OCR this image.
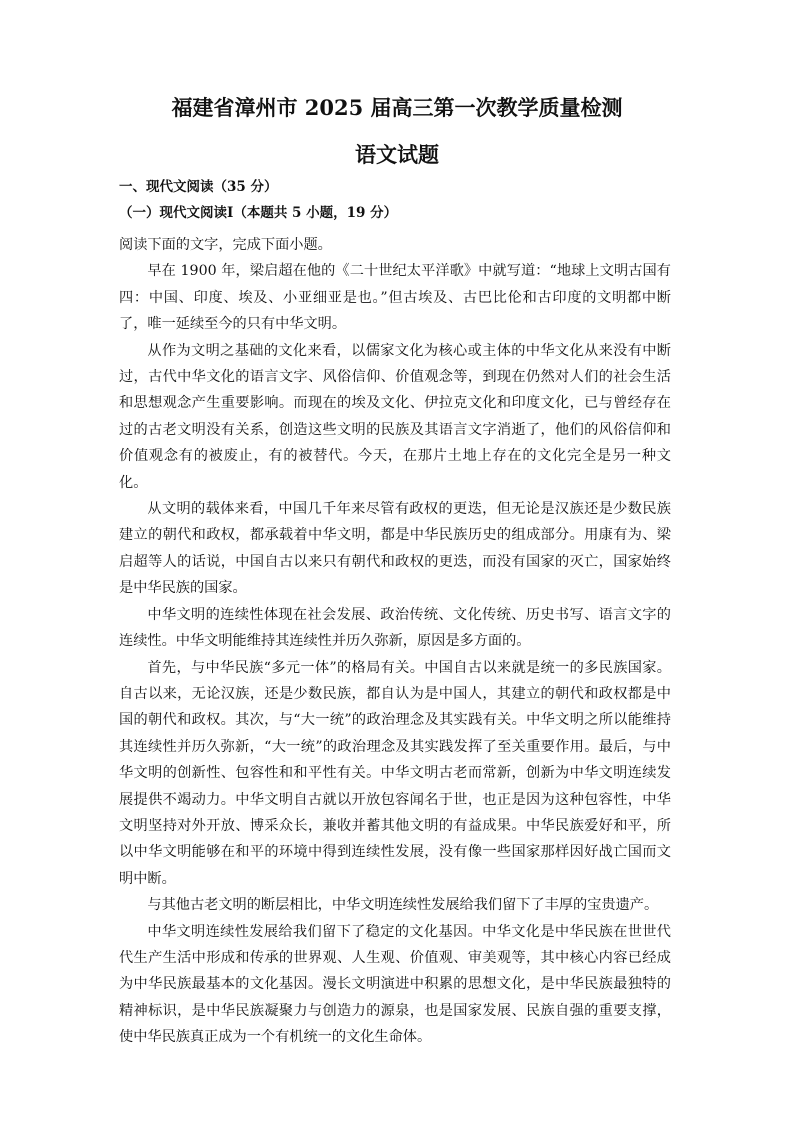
福建省漳州市 2025 届高三第一次教学质量检测
语文试题
一、现代文阅读（35 分）
（一）现代文阅读Ⅰ（本题共 5 小题，19 分）

阅读下面的文字，完成下面小题。

早在 1900 年，梁启超在他的《二十世纪太平洋歌》中就写道：“地球上文明古国有四：中国、印度、埃及、小亚细亚是也。”但古埃及、古巴比伦和古印度的文明都中断了，唯一延续至今的只有中华文明。

从作为文明之基础的文化来看，以儒家文化为核心或主体的中华文化从来没有中断过，古代中华文化的语言文字、风俗信仰、价值观念等，到现在仍然对人们的社会生活和思想观念产生重要影响。而现在的埃及文化、伊拉克文化和印度文化，已与曾经存在过的古老文明没有关系，创造这些文明的民族及其语言文字消逝了，他们的风俗信仰和价值观念有的被废止，有的被替代。今天，在那片土地上存在的文化完全是另一种文化。

从文明的载体来看，中国几千年来尽管有政权的更迭，但无论是汉族还是少数民族建立的朝代和政权，都承载着中华文明，都是中华民族历史的组成部分。用康有为、梁启超等人的话说，中国自古以来只有朝代和政权的更迭，而没有国家的灭亡，国家始终是中华民族的国家。

中华文明的连续性体现在社会发展、政治传统、文化传统、历史书写、语言文字的连续性。中华文明能维持其连续性并历久弥新，原因是多方面的。

首先，与中华民族“多元一体”的格局有关。中国自古以来就是统一的多民族国家。自古以来，无论汉族，还是少数民族，都自认为是中国人，其建立的朝代和政权都是中国的朝代和政权。其次，与“大一统”的政治理念及其实践有关。中华文明之所以能维持其连续性并历久弥新，“大一统”的政治理念及其实践发挥了至关重要作用。最后，与中华文明的创新性、包容性和和平性有关。中华文明古老而常新，创新为中华文明连续发展提供不竭动力。中华文明自古就以开放包容闻名于世，也正是因为这种包容性，中华文明坚持对外开放、博采众长，兼收并蓄其他文明的有益成果。中华民族爱好和平，所以中华文明能够在和平的环境中得到连续性发展，没有像一些国家那样因好战亡国而文明中断。

与其他古老文明的断层相比，中华文明连续性发展给我们留下了丰厚的宝贵遗产。

中华文明连续性发展给我们留下了稳定的文化基因。中华文化是中华民族在世世代代生产生活中形成和传承的世界观、人生观、价值观、审美观等，其中核心内容已经成为中华民族最基本的文化基因。漫长文明演进中积累的思想文化，是中华民族最独特的精神标识，是中华民族凝聚力与创造力的源泉，也是国家发展、民族自强的重要支撑，使中华民族真正成为一个有机统一的文化生命体。
